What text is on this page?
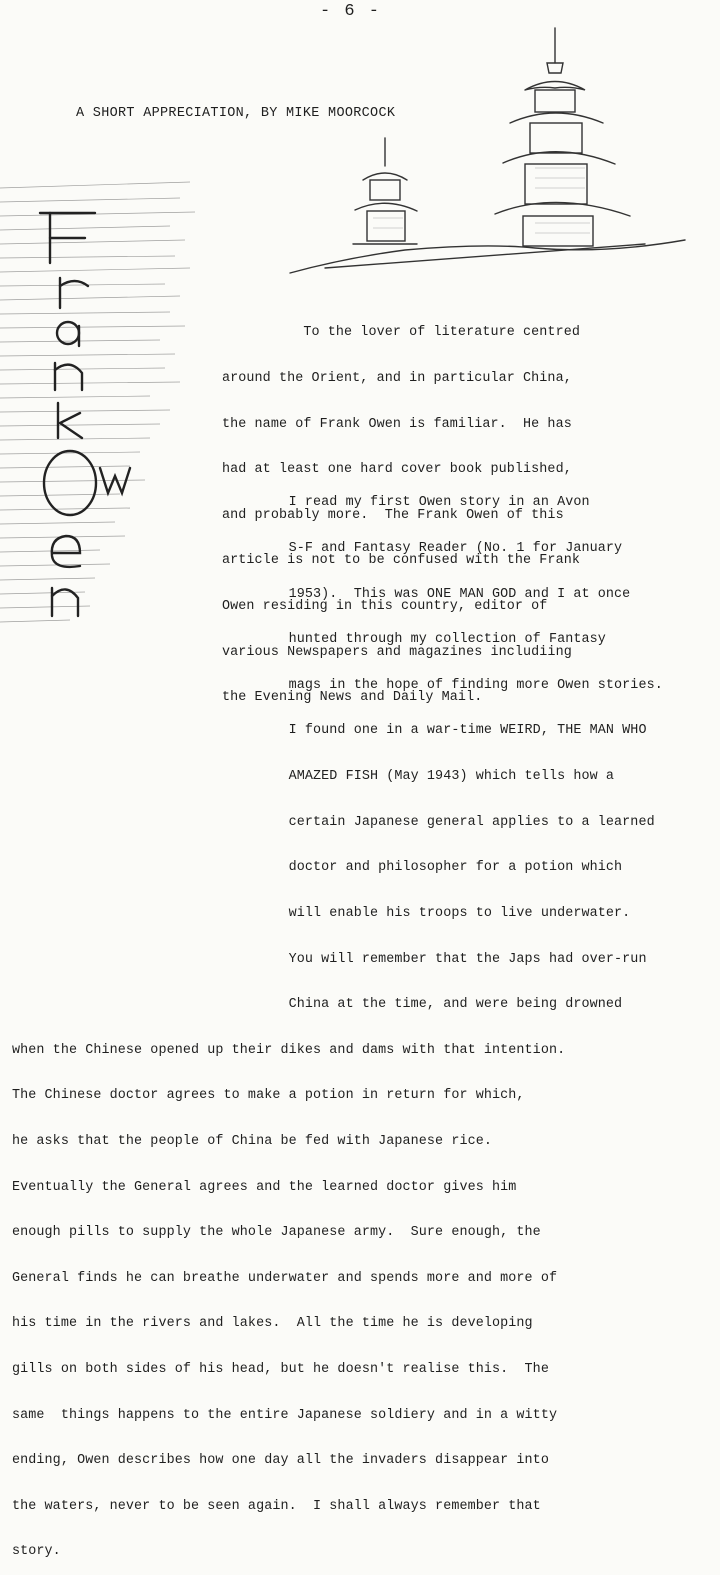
- 6 -
A SHORT APPRECIATION, BY MIKE MOORCOCK

To the lover of literature centred

around the Orient, and in particular China,

the name of Frank Owen is familiar.  He has

had at least one hard cover book published,

and probably more.  The Frank Owen of this

article is not to be confused with the Frank

Owen residing in this country, editor of

various Newspapers and magazines includiing

the Evening News and Daily Mail.

I read my first Owen story in an Avon

S-F and Fantasy Reader (No. 1 for January

1953).  This was ONE MAN GOD and I at once

hunted through my collection of Fantasy

mags in the hope of finding more Owen stories.

I found one in a war-time WEIRD, THE MAN WHO

AMAZED FISH (May 1943) which tells how a

certain Japanese general applies to a learned

doctor and philosopher for a potion which

will enable his troops to live underwater.

You will remember that the Japs had over-run

China at the time, and were being drowned

when the Chinese opened up their dikes and dams with that intention.

The Chinese doctor agrees to make a potion in return for which,

he asks that the people of China be fed with Japanese rice.

Eventually the General agrees and the learned doctor gives him

enough pills to supply the whole Japanese army.  Sure enough, the

General finds he can breathe underwater and spends more and more of

his time in the rivers and lakes.  All the time he is developing

gills on both sides of his head, but he doesn't realise this.  The

same  things happens to the entire Japanese soldiery and in a witty

ending, Owen describes how one day all the invaders disappear into

the waters, never to be seen again.  I shall always remember that

story.
